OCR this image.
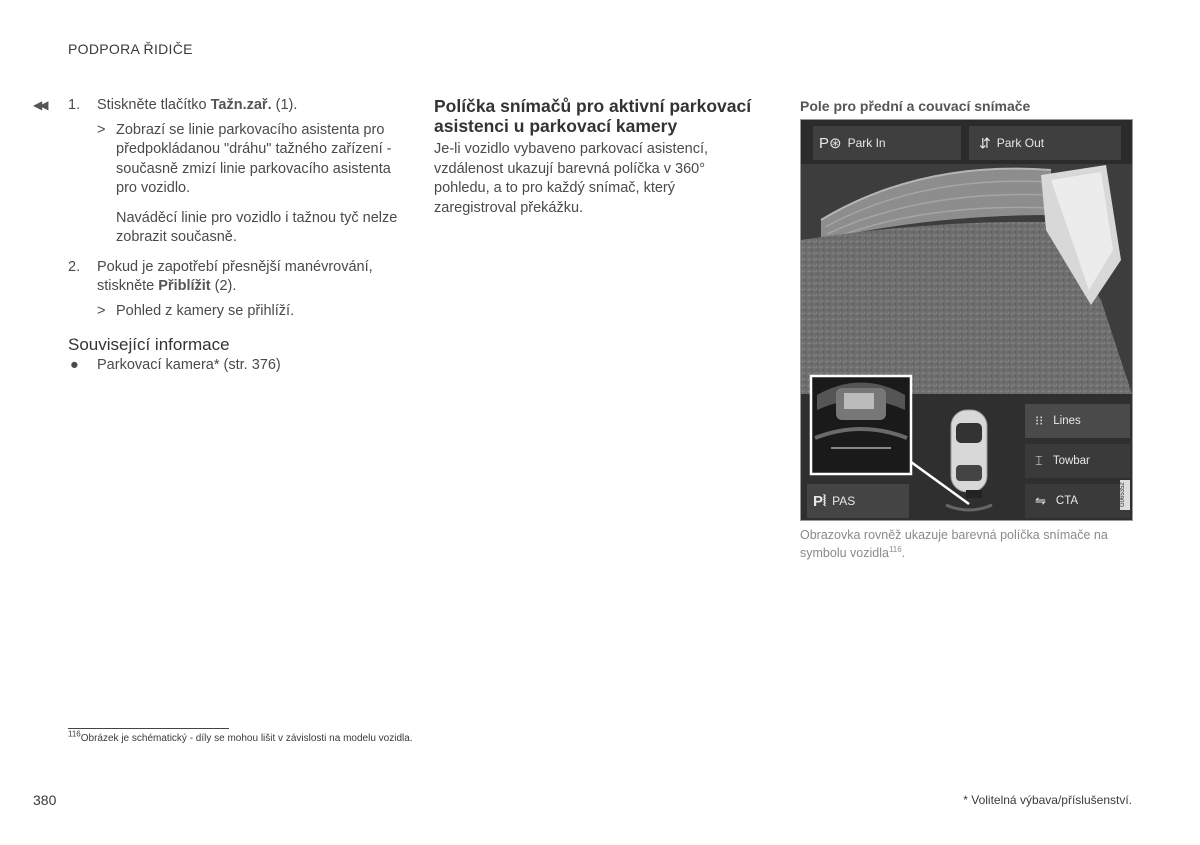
PODPORA ŘIDIČE
◀◀ 1. Stiskněte tlačítko Tažn.zař. (1).
> Zobrazí se linie parkovacího asistenta pro předpokládanou "dráhu" tažného zařízení - současně zmizí linie parkovacího asistenta pro vozidlo.
Naváděcí linie pro vozidlo i tažnou tyč nelze zobrazit současně.
2. Pokud je zapotřebí přesnější manévrování, stiskněte Přiblížit (2).
> Pohled z kamery se přihlíží.
Související informace
● Parkovací kamera* (str. 376)
Políčka snímačů pro aktivní parkovací asistenci u parkovací kamery
Je-li vozidlo vybaveno parkovací asistencí, vzdálenost ukazují barevná políčka v 360° pohledu, a to pro každý snímač, který zaregistroval překážku.
Pole pro přední a couvací snímače
P⊛ Park In	⇵ Park Out
⁝⁝ Lines
⌶ Towbar
⇋ CTA
P⦚ PAS	G065352
Obrazovka rovněž ukazuje barevná políčka snímače na symbolu vozidla$^{116}$.
$^{116}$Obrázek je schématický - díly se mohou lišit v závislosti na modelu vozidla.
380	* Volitelná výbava/příslušenství.
